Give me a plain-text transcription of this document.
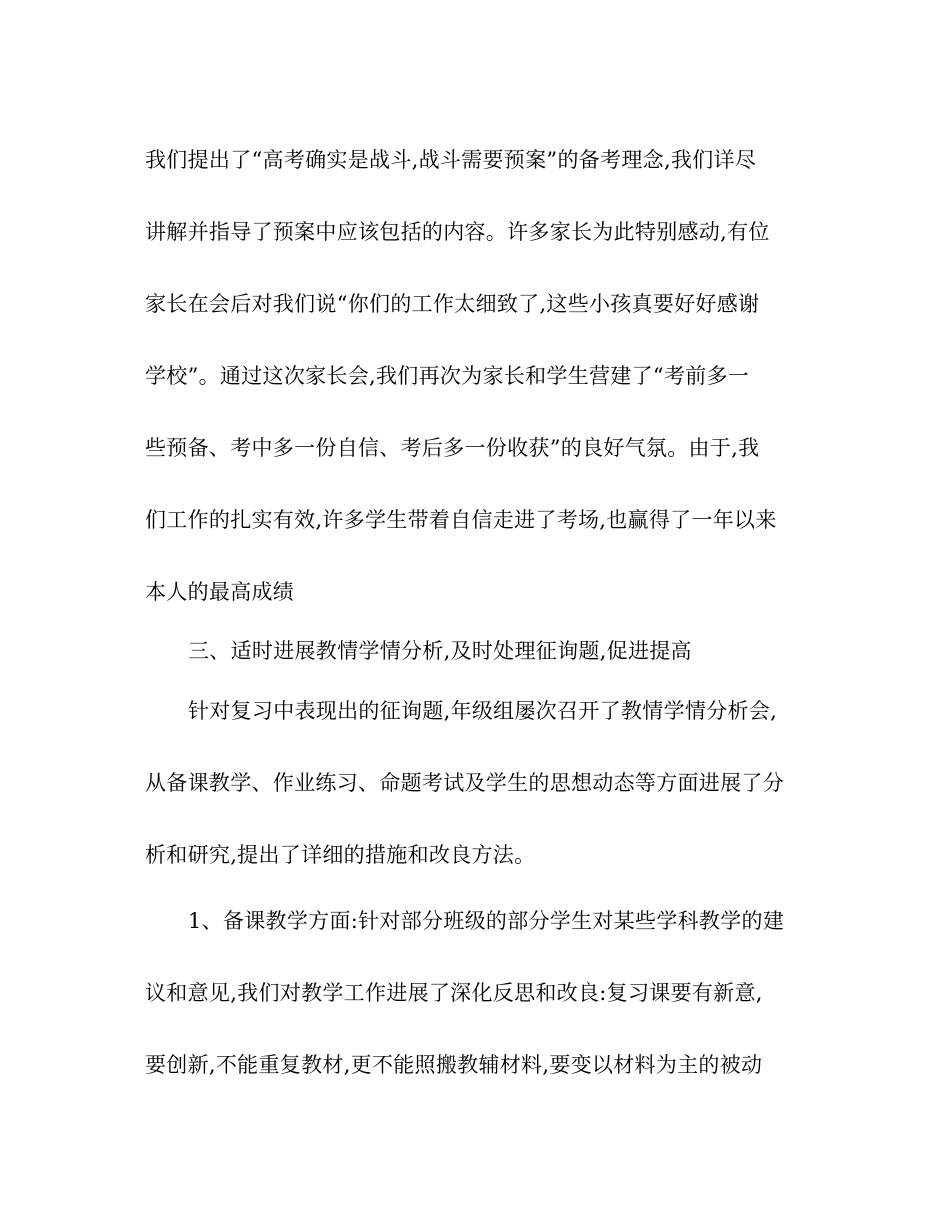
我们提出了“高考确实是战斗,战斗需要预案”的备考理念,我们详尽
讲解并指导了预案中应该包括的内容。许多家长为此特别感动,有位
家长在会后对我们说“你们的工作太细致了,这些小孩真要好好感谢
学校”。通过这次家长会,我们再次为家长和学生营建了“考前多一
些预备、考中多一份自信、考后多一份收获”的良好气氛。由于,我
们工作的扎实有效,许多学生带着自信走进了考场,也赢得了一年以来
本人的最高成绩
三、适时进展教情学情分析,及时处理征询题,促进提高
针对复习中表现出的征询题,年级组屡次召开了教情学情分析会,
从备课教学、作业练习、命题考试及学生的思想动态等方面进展了分
析和研究,提出了详细的措施和改良方法。
1、备课教学方面:针对部分班级的部分学生对某些学科教学的建
议和意见,我们对教学工作进展了深化反思和改良:复习课要有新意,
要创新,不能重复教材,更不能照搬教辅材料,要变以材料为主的被动
